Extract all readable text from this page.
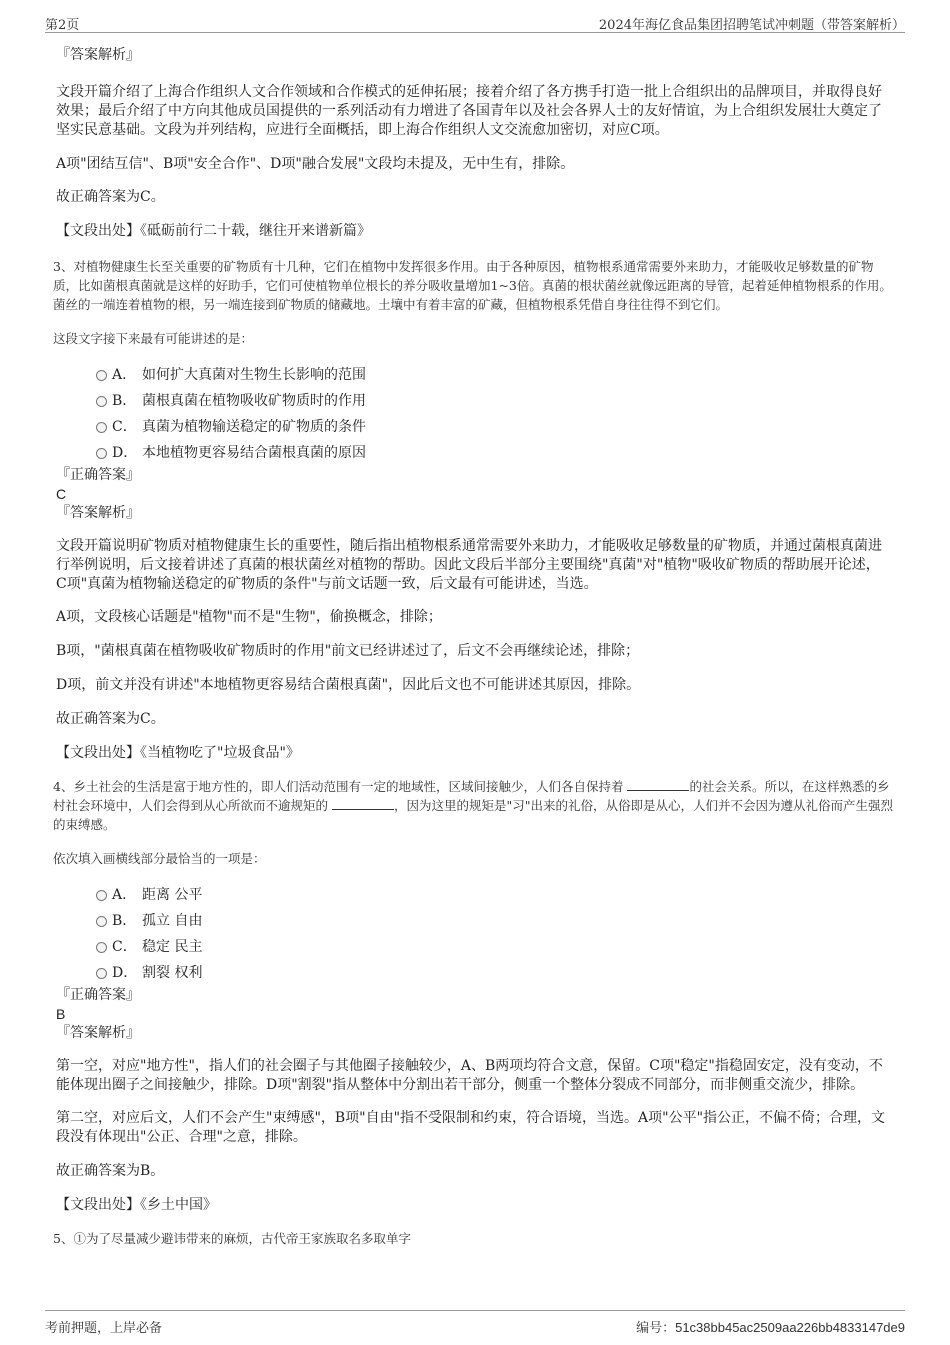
第2页	2024年海亿食品集团招聘笔试冲刺题（带答案解析）

『答案解析』

文段开篇介绍了上海合作组织人文合作领域和合作模式的延伸拓展；接着介绍了各方携手打造一批上合组织出的品牌项目，并取得良好效果；最后介绍了中方向其他成员国提供的一系列活动有力增进了各国青年以及社会各界人士的友好情谊，为上合组织发展壮大奠定了坚实民意基础。文段为并列结构，应进行全面概括，即上海合作组织人文交流愈加密切，对应C项。

A项"团结互信"、B项"安全合作"、D项"融合发展"文段均未提及，无中生有，排除。

故正确答案为C。

【文段出处】《砥砺前行二十载，继往开来谱新篇》

3、对植物健康生长至关重要的矿物质有十几种，它们在植物中发挥很多作用。由于各种原因，植物根系通常需要外来助力，才能吸收足够数量的矿物质，比如菌根真菌就是这样的好助手，它们可使植物单位根长的养分吸收量增加1~3倍。真菌的根状菌丝就像远距离的导管，起着延伸植物根系的作用。菌丝的一端连着植物的根，另一端连接到矿物质的储藏地。土壤中有着丰富的矿藏，但植物根系凭借自身往往得不到它们。

这段文字接下来最有可能讲述的是：

A． 如何扩大真菌对生物生长影响的范围
B． 菌根真菌在植物吸收矿物质时的作用
C． 真菌为植物输送稳定的矿物质的条件
D． 本地植物更容易结合菌根真菌的原因

『正确答案』

C

『答案解析』

文段开篇说明矿物质对植物健康生长的重要性，随后指出植物根系通常需要外来助力，才能吸收足够数量的矿物质，并通过菌根真菌进行举例说明，后文接着讲述了真菌的根状菌丝对植物的帮助。因此文段后半部分主要围绕"真菌"对"植物"吸收矿物质的帮助展开论述，C项"真菌为植物输送稳定的矿物质的条件"与前文话题一致，后文最有可能讲述，当选。

A项，文段核心话题是"植物"而不是"生物"，偷换概念，排除；

B项，"菌根真菌在植物吸收矿物质时的作用"前文已经讲述过了，后文不会再继续论述，排除；

D项，前文并没有讲述"本地植物更容易结合菌根真菌"，因此后文也不可能讲述其原因，排除。

故正确答案为C。

【文段出处】《当植物吃了"垃圾食品"》

4、乡土社会的生活是富于地方性的，即人们活动范围有一定的地域性，区域间接触少，人们各自保持着	的社会关系。所以，在这样熟悉的乡村社会环境中，人们会得到从心所欲而不逾规矩的	，因为这里的规矩是"习"出来的礼俗，从俗即是从心，人们并不会因为遵从礼俗而产生强烈的束缚感。

依次填入画横线部分最恰当的一项是：

A． 距离 公平
B． 孤立 自由
C． 稳定 民主
D． 割裂 权利

『正确答案』

B

『答案解析』

第一空，对应"地方性"，指人们的社会圈子与其他圈子接触较少，A、B两项均符合文意，保留。C项"稳定"指稳固安定，没有变动，不能体现出圈子之间接触少，排除。D项"割裂"指从整体中分割出若干部分，侧重一个整体分裂成不同部分，而非侧重交流少，排除。

第二空，对应后文，人们不会产生"束缚感"，B项"自由"指不受限制和约束，符合语境，当选。A项"公平"指公正，不偏不倚；合理，文段没有体现出"公正、合理"之意，排除。

故正确答案为B。

【文段出处】《乡土中国》

5、①为了尽量减少避讳带来的麻烦，古代帝王家族取名多取单字

考前押题，上岸必备	编号：51c38bb45ac2509aa226bb4833147de9
